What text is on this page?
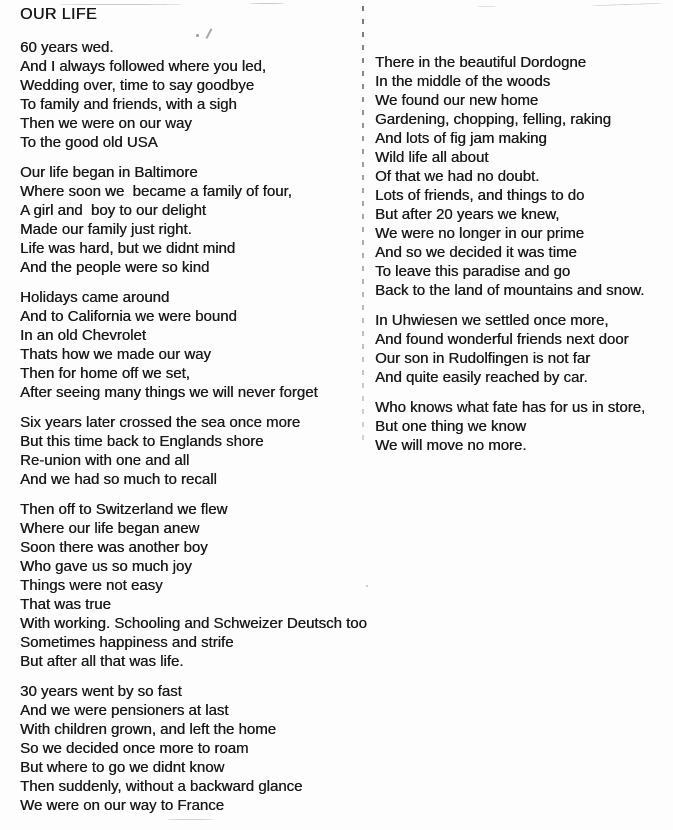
OUR LIFE
60 years wed.
And I always followed where you led,
Wedding over, time to say goodbye
To family and friends, with a sigh
Then we were on our way
To the good old USA
Our life began in Baltimore
Where soon we  became a family of four,
A girl and  boy to our delight
Made our family just right.
Life was hard, but we didnt mind
And the people were so kind
Holidays came around
And to California we were bound
In an old Chevrolet
Thats how we made our way
Then for home off we set,
After seeing many things we will never forget
Six years later crossed the sea once more
But this time back to Englands shore
Re-union with one and all
And we had so much to recall
Then off to Switzerland we flew
Where our life began anew
Soon there was another boy
Who gave us so much joy
Things were not easy
That was true
With working. Schooling and Schweizer Deutsch too
Sometimes happiness and strife
But after all that was life.
30 years went by so fast
And we were pensioners at last
With children grown, and left the home
So we decided once more to roam
But where to go we didnt know
Then suddenly, without a backward glance
We were on our way to France
There in the beautiful Dordogne
In the middle of the woods
We found our new home
Gardening, chopping, felling, raking
And lots of fig jam making
Wild life all about
Of that we had no doubt.
Lots of friends, and things to do
But after 20 years we knew,
We were no longer in our prime
And so we decided it was time
To leave this paradise and go
Back to the land of mountains and snow.
In Uhwiesen we settled once more,
And found wonderful friends next door
Our son in Rudolfingen is not far
And quite easily reached by car.
Who knows what fate has for us in store,
But one thing we know
We will move no more.
